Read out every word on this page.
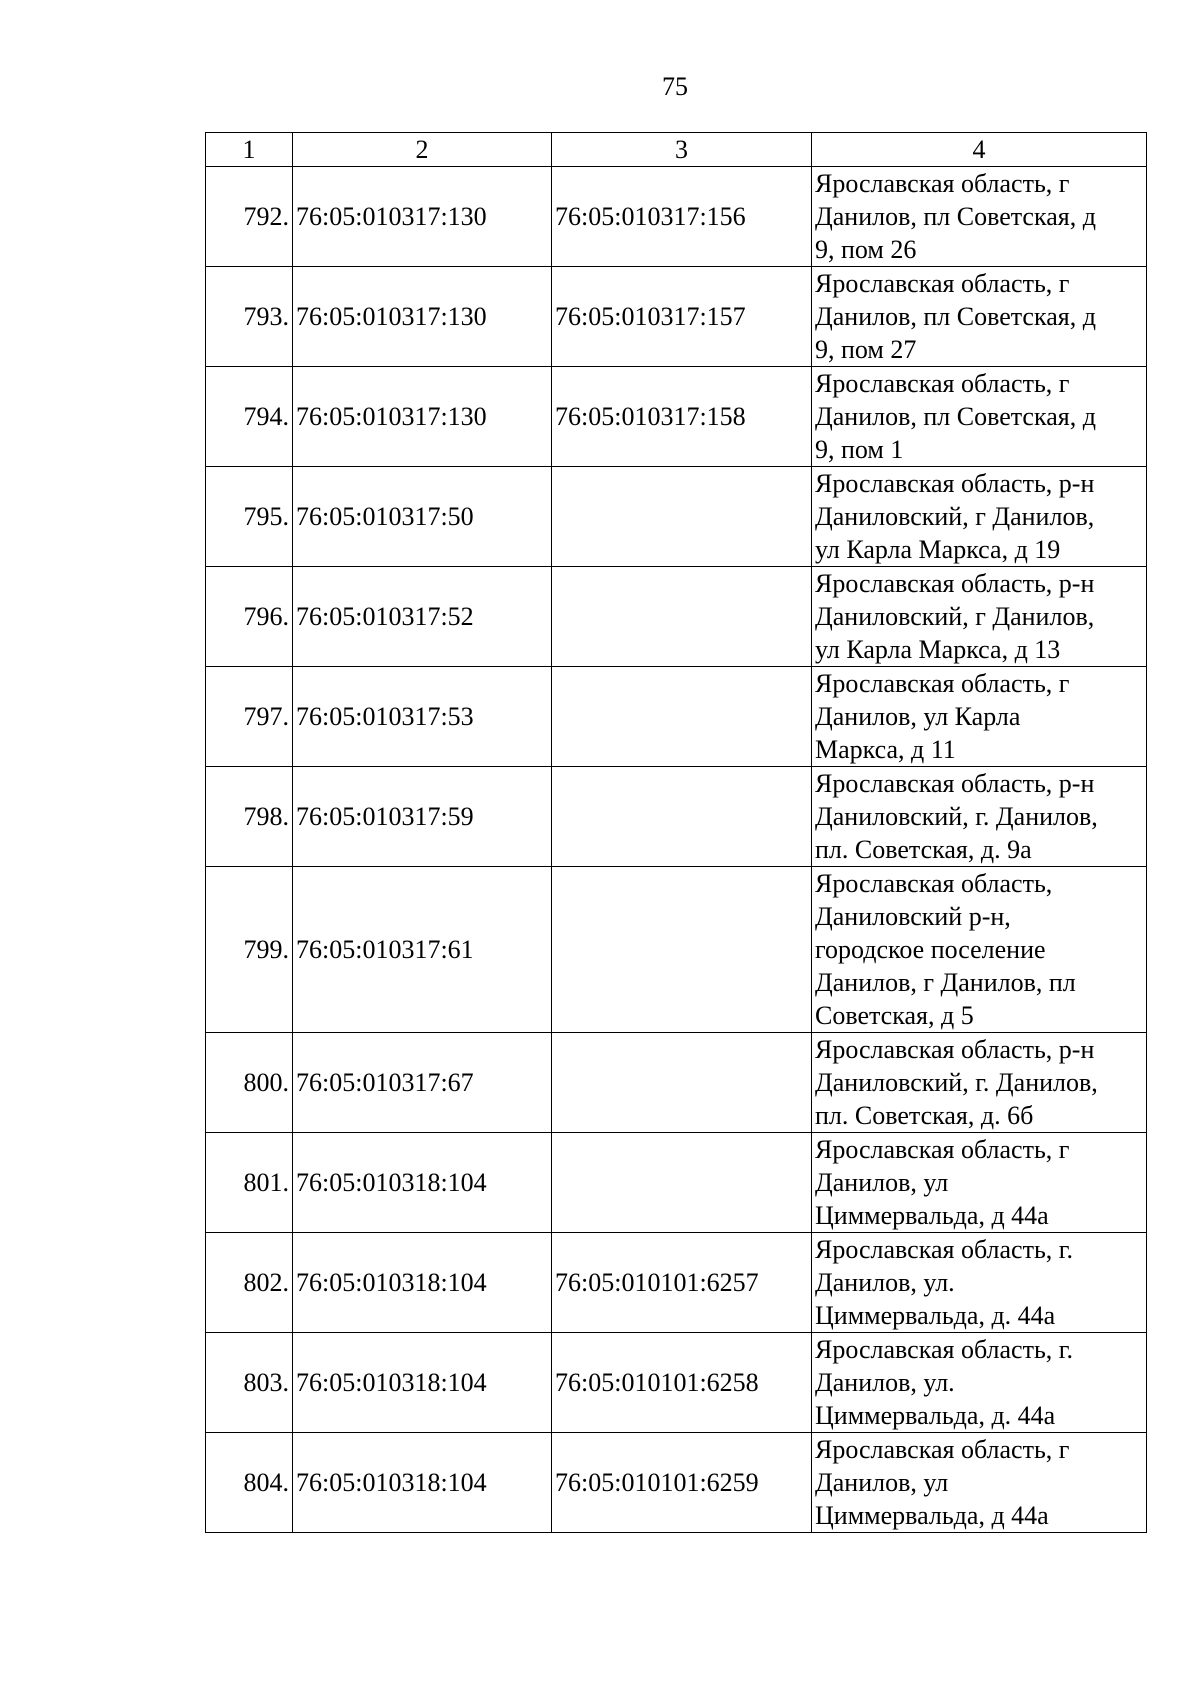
75
1	2	3	4
792.	76:05:010317:130	76:05:010317:156	Ярославская область, г
Данилов, пл Советская, д
9, пом 26
793.	76:05:010317:130	76:05:010317:157	Ярославская область, г
Данилов, пл Советская, д
9, пом 27
794.	76:05:010317:130	76:05:010317:158	Ярославская область, г
Данилов, пл Советская, д
9, пом 1
795.	76:05:010317:50		Ярославская область, р-н
Даниловский, г Данилов,
ул Карла Маркса, д 19
796.	76:05:010317:52		Ярославская область, р-н
Даниловский, г Данилов,
ул Карла Маркса, д 13
797.	76:05:010317:53		Ярославская область, г
Данилов, ул Карла
Маркса, д 11
798.	76:05:010317:59		Ярославская область, р-н
Даниловский, г. Данилов,
пл. Советская, д. 9а
799.	76:05:010317:61		Ярославская область,
Даниловский р-н,
городское поселение
Данилов, г Данилов, пл
Советская, д 5
800.	76:05:010317:67		Ярославская область, р-н
Даниловский, г. Данилов,
пл. Советская, д. 6б
801.	76:05:010318:104		Ярославская область, г
Данилов, ул
Циммервальда, д 44а
802.	76:05:010318:104	76:05:010101:6257	Ярославская область, г.
Данилов, ул.
Циммервальда, д. 44а
803.	76:05:010318:104	76:05:010101:6258	Ярославская область, г.
Данилов, ул.
Циммервальда, д. 44а
804.	76:05:010318:104	76:05:010101:6259	Ярославская область, г
Данилов, ул
Циммервальда, д 44а
